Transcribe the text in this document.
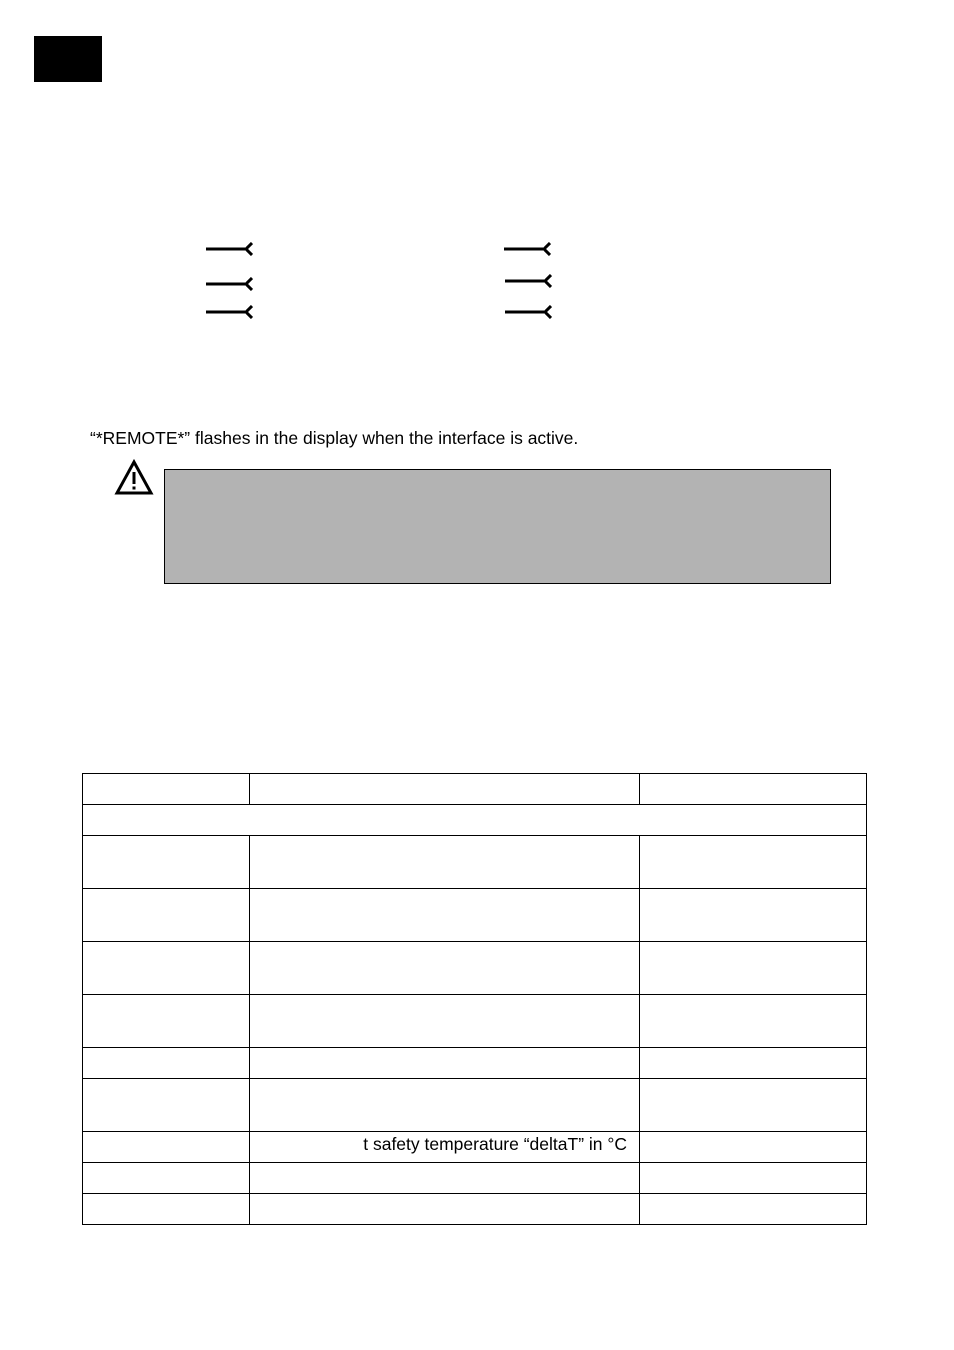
“*REMOTE*” flashes in the display when the interface is active.

	t safety temperature “deltaT” in °C	
